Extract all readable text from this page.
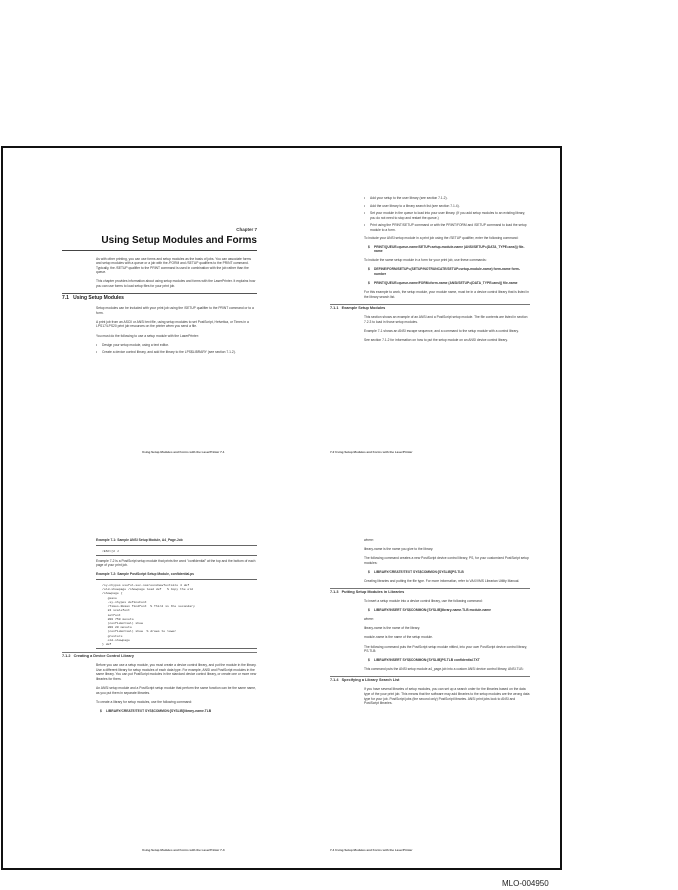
Chapter 7
Using Setup Modules and Forms

As with other printing, you can use forms and setup modules as the basis of jobs. You can associate forms and setup modules with a queue or a job with the /FORM and /SETUP qualifiers to the PRINT command. Typically, the /SETUP qualifier to the PRINT command is used in combination with the job rather than the queue.

This chapter provides information about using setup modules and forms with the LaserPrinter. It explains how you can use forms to load setup files for your print job.

7.1 Using Setup Modules

Setup modules can be included with your print job using the /SETUP qualifier to the PRINT command or to a form.

A print job from an ASCII or ANSI text file, using setup modules to set PostScript, Helvetica, or Times in a LPS17/LPS20 print job resources on the printer when you send a file.

You must do the following to use a setup module with the LaserPrinter:

• Design your setup module, using a text editor.

• Create a device control library, and add the library to the LPS$LIBRARY (see section 7.1.2).

Using Setup Modules and Forms with the LaserPrinter 7-1

• Add your setup to the user library (see section 7.1.2).

• Add the user library to a library search list (see section 7.1.4).

• Set your module in the queue to load into your user library. (If you add setup modules to an existing library, you do not need to stop and restart the queue.)

• Print using the PRINT/SETUP command or with the PRINT/FORM and /SETUP command to load the setup module to a form.

To include your ANSI setup module in a print job using the /SETUP qualifier, enter the following command:

$ PRINT/QUEUE=queue-name/SETUP=setup-module-name (ANSI/SETUP=(DATA_TYPE=ansi)) file-name

To include the same setup module in a form for your print job, use these commands:

$ DEFINE/FORM/SETUP=(SETUP/NOTRUNCATE/SETUP=setup-module-name) form-name form-number

$ PRINT/QUEUE=queue-name/FORM=form-name (ANSI/SETUP=(DATA_TYPE=ansi)) file-name

For this example to work, the setup module, your module name, must be in a device control library that is listed in the library search list.

7.1.1 Example Setup Modules

This section shows an example of an ANSI and a PostScript setup module. The file contents are listed in section 7.2.3 to load in those setup modules.

Example 7-1 shows an ANSI escape sequence, and a command to the setup module with a control library.

See section 7.1.2 for information on how to put the setup module on an ANSI device control library.

7-2 Using Setup Modules and Forms with the LaserPrinter
Example 7-1: Sample ANSI Setup Module, A4_Page.Job
<ESC>[2 J

Example 7-2 is a PostScript setup module that prints the word "confidential" at the top and the bottom of each page of your print job.

Example 7-2: Sample PostScript Setup Module, confidential.ps
/sy-nhypos useful-sec-nosroundnewTextsize 4 def
/old-showpage /showpage load def   % Copy the old
/showpage {
gsave
-sy-nhypos defineFont
/Times-Roman findfont  % Third is the secondary
24 scalefont
setfont
200 750 moveto
(confidential) show
200 20 moveto
(confidential) show  % draws to lower
grestore
old-showpage
} def
7.1.2 Creating a Device Control Library

Before you can use a setup module, you must create a device control library, and put the module in the library. Use a different library for setup modules of each data type. For example, ANSI and PostScript modules in the same library. You can put PostScript modules in the standard device control library, or create one or more new libraries for them.

An ANSI setup module and a PostScript setup module that perform the same function can be the same name, as you put them in separate libraries.

To create a library for setup modules, use the following command:

$ LIBRARY/CREATE/TEXT SYS$COMMON:[SYSLIB]library-name.TLB

Using Setup Modules and Forms with the LaserPrinter 7-3

where:

library-name is the name you give to the library.

The following command creates a new PostScript device control library, PS, for your customized PostScript setup modules:

$ LIBRARY/CREATE/TEXT SYS$COMMON:[SYSLIB]PS.TLB

Creating libraries and putting the file type. For more information, refer to VAX/VMS Librarian Utility Manual.

7.1.3 Putting Setup Modules in Libraries

To insert a setup module into a device control library, use the following command:

$ LIBRARY/INSERT SYS$COMMON:[SYSLIB]library-name.TLB module-name

where:

library-name is the name of the library.

module-name is the name of the setup module.

The following command puts the PostScript setup module ntitled, into your own PostScript device control library, PS.TLB:

$ LIBRARY/INSERT SYS$COMMON:[SYSLIB]PS.TLB confidential.TXT

This command puts the ANSI setup module a4_page.job into a custom ANSI device control library, ANSI.TLB:

7.1.4 Specifying a Library Search List

If you have several libraries of setup modules, you can set up a search order for the libraries based on the data type of the your print job. This means that the software may add libraries to the setup modules are the wrong data type for your job. PostScript jobs (the second only) PostScript libraries. ANSI print jobs look to ANSI and PostScript libraries.

7-4 Using Setup Modules and Forms with the LaserPrinter
MLO-004950
